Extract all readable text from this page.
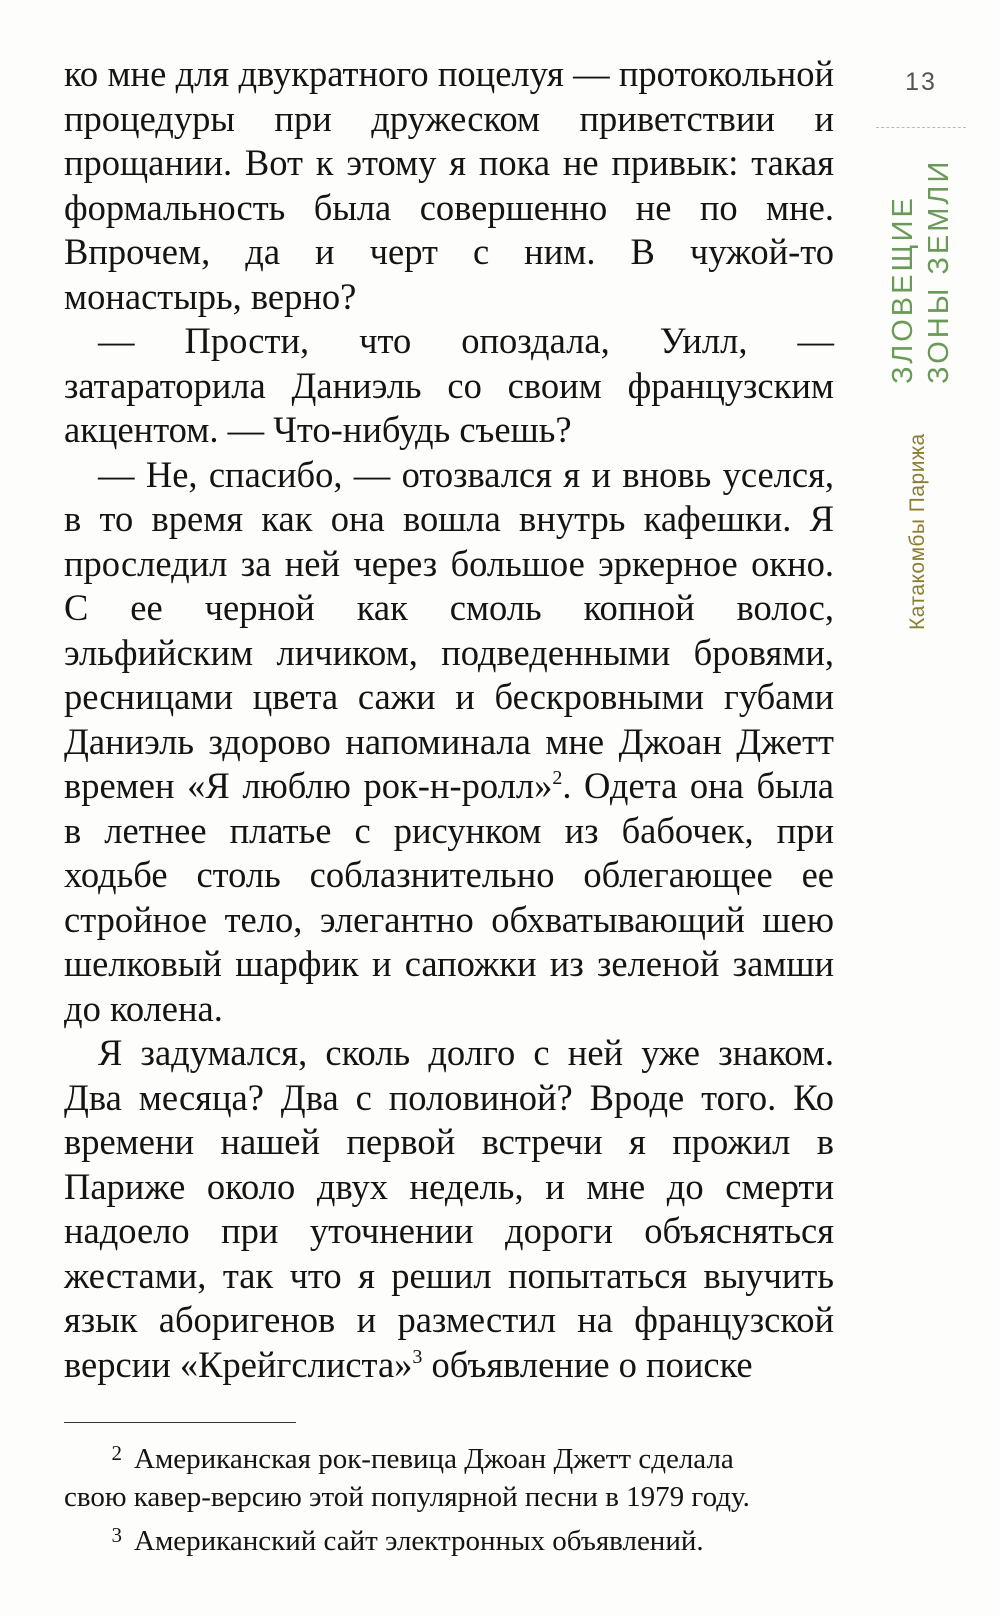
ко мне для двукратного поцелуя — протокольной процедуры при дружеском приветствии и прощании. Вот к этому я пока не привык: такая формальность была совершенно не по мне. Впрочем, да и черт с ним. В чужой-то монастырь, верно?

— Прости, что опоздала, Уилл, — затараторила Даниэль со своим французским акцентом. — Что-нибудь съешь?

— Не, спасибо, — отозвался я и вновь уселся, в то время как она вошла внутрь кафешки. Я проследил за ней через большое эркерное окно. С ее черной как смоль копной волос, эльфийским личиком, подведенными бровями, ресницами цвета сажи и бескровными губами Даниэль здорово напоминала мне Джоан Джетт времен «Я люблю рок-н-ролл»$^2$. Одета она была в летнее платье с рисунком из бабочек, при ходьбе столь соблазнительно облегающее ее стройное тело, элегантно обхватывающий шею шелковый шарфик и сапожки из зеленой замши до колена.

Я задумался, сколь долго с ней уже знаком. Два месяца? Два с половиной? Вроде того. Ко времени нашей первой встречи я прожил в Париже около двух недель, и мне до смерти надоело при уточнении дороги объясняться жестами, так что я решил попытаться выучить язык аборигенов и разместил на французской версии «Крейгслиста»$^3$ объявление о поиске

2 Американская рок-певица Джоан Джетт сделала

свою кавер-версию этой популярной песни в 1979 году.

3 Американский сайт электронных объявлений.

13
ЗЛОВЕЩИЕ ЗОНЫ ЗЕМЛИ
Катакомбы Парижа
